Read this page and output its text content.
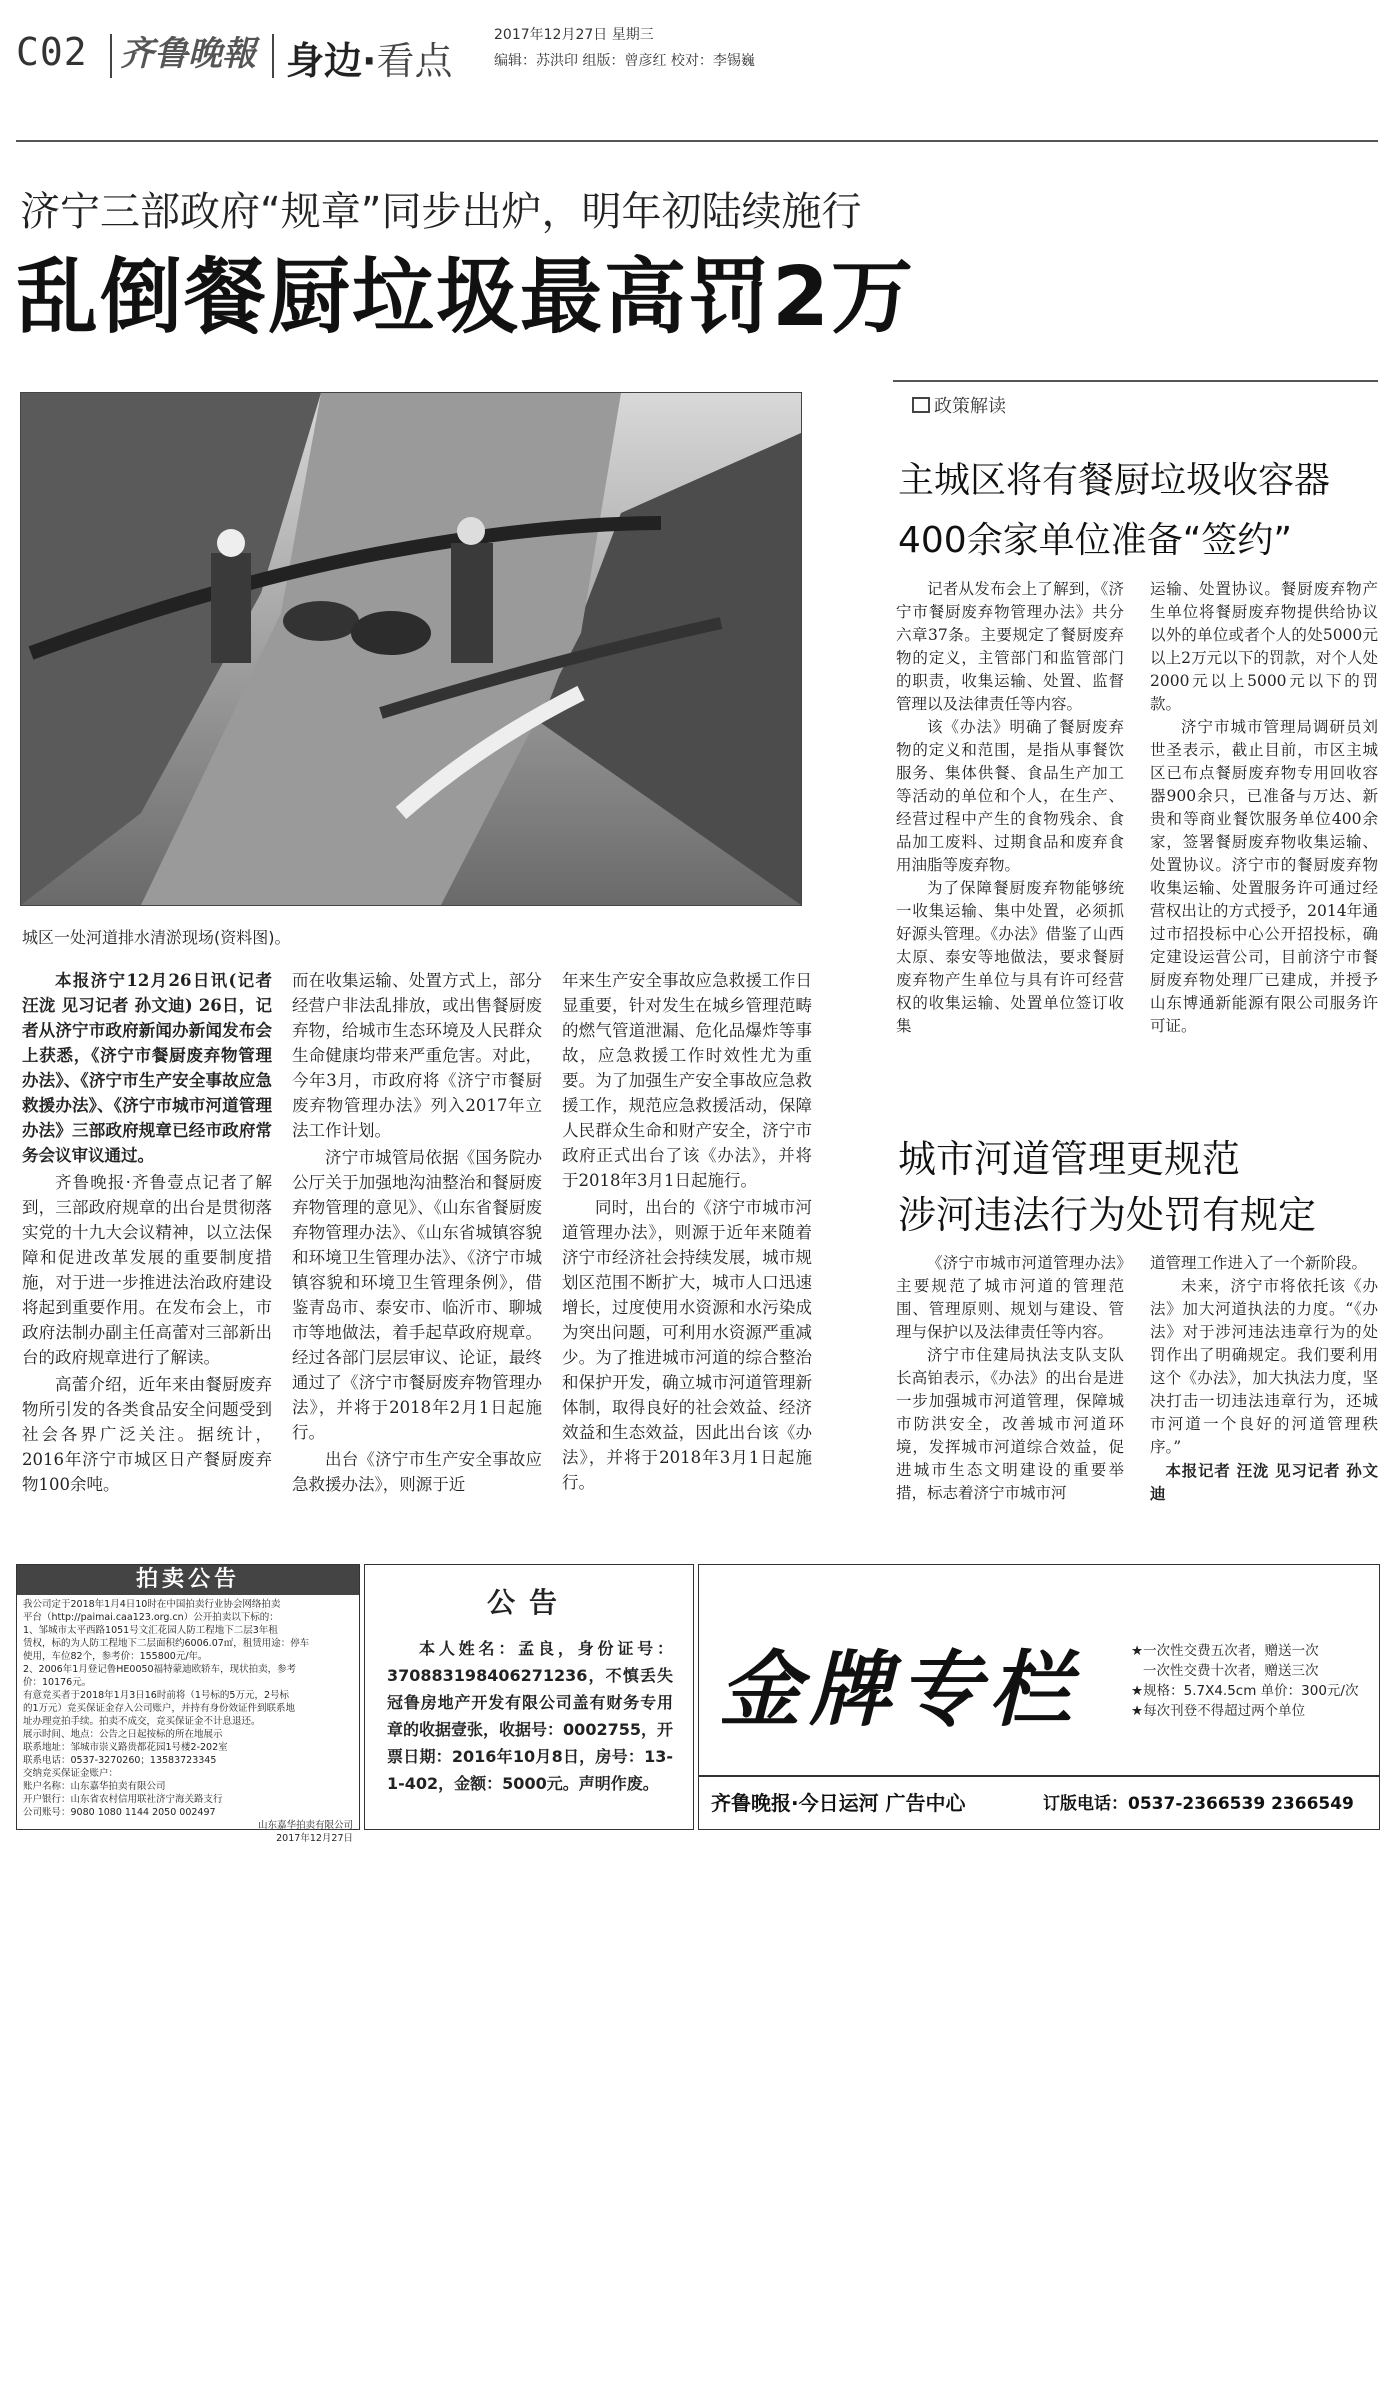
C02 齐鲁晚報 身边·看点
2017年12月27日 星期三
编辑：苏洪印 组版：曾彦红 校对：李锡巍
济宁三部政府“规章”同步出炉，明年初陆续施行
乱倒餐厨垃圾最高罚2万
城区一处河道排水清淤现场(资料图)。

本报济宁12月26日讯(记者 汪泷 见习记者 孙文迪) 26日，记者从济宁市政府新闻办新闻发布会上获悉，《济宁市餐厨废弃物管理办法》、《济宁市生产安全事故应急救援办法》、《济宁市城市河道管理办法》三部政府规章已经市政府常务会议审议通过。

齐鲁晚报·齐鲁壹点记者了解到，三部政府规章的出台是贯彻落实党的十九大会议精神，以立法保障和促进改革发展的重要制度措施，对于进一步推进法治政府建设将起到重要作用。在发布会上，市政府法制办副主任高蕾对三部新出台的政府规章进行了解读。

高蕾介绍，近年来由餐厨废弃物所引发的各类食品安全问题受到社会各界广泛关注。据统计，2016年济宁市城区日产餐厨废弃物100余吨。

而在收集运输、处置方式上，部分经营户非法乱排放，或出售餐厨废弃物，给城市生态环境及人民群众生命健康均带来严重危害。对此，今年3月，市政府将《济宁市餐厨废弃物管理办法》列入2017年立法工作计划。

济宁市城管局依据《国务院办公厅关于加强地沟油整治和餐厨废弃物管理的意见》、《山东省餐厨废弃物管理办法》、《山东省城镇容貌和环境卫生管理办法》、《济宁市城镇容貌和环境卫生管理条例》，借鉴青岛市、泰安市、临沂市、聊城市等地做法，着手起草政府规章。经过各部门层层审议、论证，最终通过了《济宁市餐厨废弃物管理办法》，并将于2018年2月1日起施行。

出台《济宁市生产安全事故应急救援办法》，则源于近

年来生产安全事故应急救援工作日显重要，针对发生在城乡管理范畴的燃气管道泄漏、危化品爆炸等事故，应急救援工作时效性尤为重要。为了加强生产安全事故应急救援工作，规范应急救援活动，保障人民群众生命和财产安全，济宁市政府正式出台了该《办法》，并将于2018年3月1日起施行。

同时，出台的《济宁市城市河道管理办法》，则源于近年来随着济宁市经济社会持续发展，城市规划区范围不断扩大，城市人口迅速增长，过度使用水资源和水污染成为突出问题，可利用水资源严重减少。为了推进城市河道的综合整治和保护开发，确立城市河道管理新体制，取得良好的社会效益、经济效益和生态效益，因此出台该《办法》，并将于2018年3月1日起施行。

政策解读
主城区将有餐厨垃圾收容器
400余家单位准备“签约”

记者从发布会上了解到，《济宁市餐厨废弃物管理办法》共分六章37条。主要规定了餐厨废弃物的定义，主管部门和监管部门的职责，收集运输、处置、监督管理以及法律责任等内容。

该《办法》明确了餐厨废弃物的定义和范围，是指从事餐饮服务、集体供餐、食品生产加工等活动的单位和个人，在生产、经营过程中产生的食物残余、食品加工废料、过期食品和废弃食用油脂等废弃物。

为了保障餐厨废弃物能够统一收集运输、集中处置，必须抓好源头管理。《办法》借鉴了山西太原、泰安等地做法，要求餐厨废弃物产生单位与具有许可经营权的收集运输、处置单位签订收集

运输、处置协议。餐厨废弃物产生单位将餐厨废弃物提供给协议以外的单位或者个人的处5000元以上2万元以下的罚款，对个人处2000元以上5000元以下的罚款。

济宁市城市管理局调研员刘世圣表示，截止目前，市区主城区已布点餐厨废弃物专用回收容器900余只，已准备与万达、新贵和等商业餐饮服务单位400余家，签署餐厨废弃物收集运输、处置协议。济宁市的餐厨废弃物收集运输、处置服务许可通过经营权出让的方式授予，2014年通过市招投标中心公开招投标，确定建设运营公司，目前济宁市餐厨废弃物处理厂已建成，并授予山东博通新能源有限公司服务许可证。

城市河道管理更规范
涉河违法行为处罚有规定

《济宁市城市河道管理办法》主要规范了城市河道的管理范围、管理原则、规划与建设、管理与保护以及法律责任等内容。

济宁市住建局执法支队支队长高铂表示，《办法》的出台是进一步加强城市河道管理，保障城市防洪安全，改善城市河道环境，发挥城市河道综合效益，促进城市生态文明建设的重要举措，标志着济宁市城市河

道管理工作进入了一个新阶段。

未来，济宁市将依托该《办法》加大河道执法的力度。“《办法》对于涉河违法违章行为的处罚作出了明确规定。我们要利用这个《办法》，加大执法力度，坚决打击一切违法违章行为，还城市河道一个良好的河道管理秩序。”

本报记者 汪泷 见习记者 孙文迪

拍卖公告
我公司定于2018年1月4日10时在中国拍卖行业协会网络拍卖
平台（http://paimai.caa123.org.cn）公开拍卖以下标的：
1、邹城市太平西路1051号文汇花园人防工程地下二层3年租
赁权，标的为人防工程地下二层面积约6006.07㎡，租赁用途：停车
使用，车位82个，参考价：155800元/年。
2、2006年1月登记鲁HE0050福特蒙迪欧轿车，现状拍卖，参考
价：10176元。
有意竞买者于2018年1月3日16时前将（1号标的5万元，2号标
的1万元）竞买保证金存入公司账户，并持有身份效证件到联系地
址办理竞拍手续。拍卖不成交，竞买保证金不计息退还。
展示时间、地点：公告之日起按标的所在地展示
联系地址：邹城市崇义路贵都花园1号楼2-202室
联系电话：0537-3270260；13583723345
交纳竞买保证金账户：
账户名称：山东嘉华拍卖有限公司
开户银行：山东省农村信用联社济宁海关路支行
公司账号：9080 1080 1144 2050 002497
山东嘉华拍卖有限公司
2017年12月27日
公告
本人姓名：孟良，身份证号：370883198406271236，不慎丢失冠鲁房地产开发有限公司盖有财务专用章的收据壹张，收据号：0002755，开票日期：2016年10月8日，房号：13-1-402，金额：5000元。声明作废。
金牌专栏	★一次性交费五次者，赠送一次
一次性交费十次者，赠送三次
★规格：5.7X4.5cm 单价：300元/次
★每次刊登不得超过两个单位
齐鲁晚报·今日运河 广告中心	订版电话：0537-2366539 2366549
